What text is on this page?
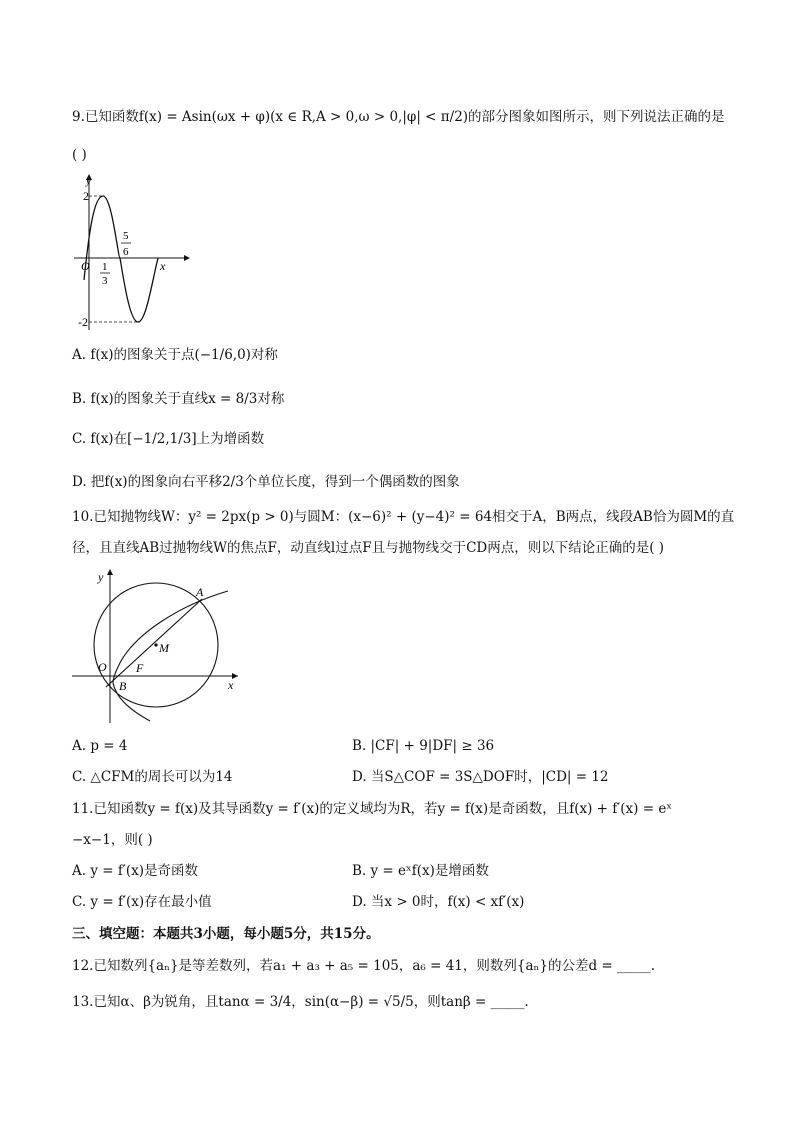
9.已知函数f(x) = Asin(ωx + φ)(x ∈ R,A > 0,ω > 0,|φ| < π/2)的部分图象如图所示，则下列说法正确的是
( )
y
x
O
2
-2
1
3
5
6
A. f(x)的图象关于点(−1/6,0)对称
B. f(x)的图象关于直线x = 8/3对称
C. f(x)在[−1/2,1/3]上为增函数
D. 把f(x)的图象向右平移2/3个单位长度，得到一个偶函数的图象
10.已知抛物线W：y² = 2px(p > 0)与圆M：(x−6)² + (y−4)² = 64相交于A，B两点，线段AB恰为圆M的直
径，且直线AB过抛物线W的焦点F，动直线l过点F且与抛物线交于CD两点，则以下结论正确的是( )
y
x
O
A
B
F
M
A. p = 4	B. |CF| + 9|DF| ≥ 36
C. △CFM的周长可以为14	D. 当S△COF = 3S△DOF时，|CD| = 12
11.已知函数y = f(x)及其导函数y = f′(x)的定义域均为R，若y = f(x)是奇函数，且f(x) + f′(x) = eˣ
−x−1，则( )
A. y = f′(x)是奇函数	B. y = eˣf(x)是增函数
C. y = f′(x)存在最小值	D. 当x > 0时，f(x) < xf′(x)
三、填空题：本题共3小题，每小题5分，共15分。
12.已知数列{aₙ}是等差数列，若a₁ + a₃ + a₅ = 105，a₆ = 41，则数列{aₙ}的公差d = _____.
13.已知α、β为锐角，且tanα = 3/4，sin(α−β) = √5/5，则tanβ = _____.
